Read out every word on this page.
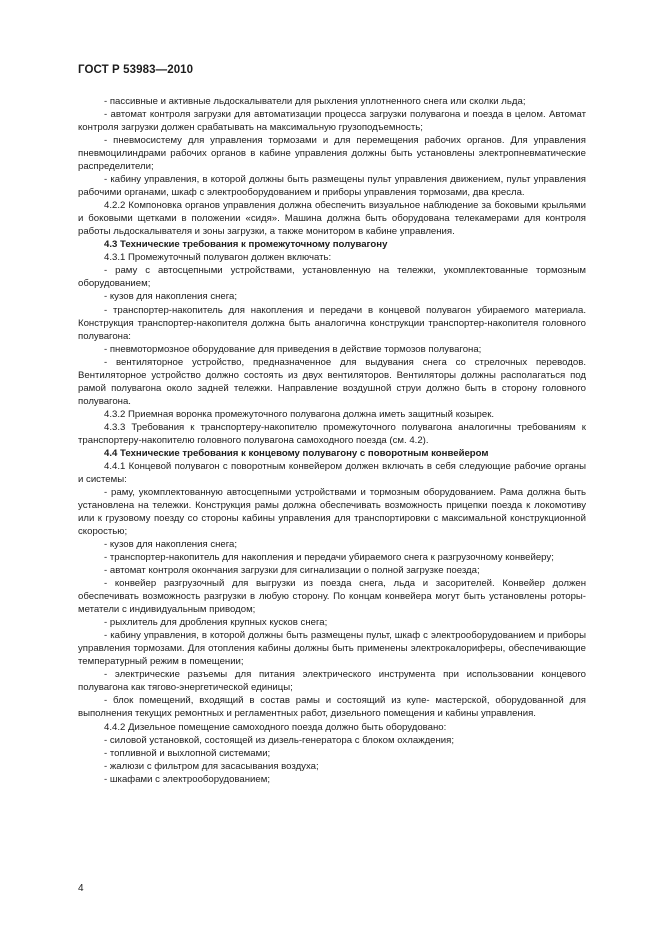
ГОСТ Р 53983—2010

- пассивные и активные льдоскалыватели для рыхления уплотненного снега или сколки льда;

- автомат контроля загрузки для автоматизации процесса загрузки полувагона и поезда в целом. Автомат контроля загрузки должен срабатывать на максимальную грузоподъемность;

- пневмосистему для управления тормозами и для перемещения рабочих органов. Для управления пневмоцилиндрами рабочих органов в кабине управления должны быть установлены электропневматические распределители;

- кабину управления, в которой должны быть размещены пульт управления движением, пульт управления рабочими органами, шкаф с электрооборудованием и приборы управления тормозами, два кресла.

4.2.2 Компоновка органов управления должна обеспечить визуальное наблюдение за боковыми крыльями и боковыми щетками в положении «сидя». Машина должна быть оборудована телекамерами для контроля работы льдоскалывателя и зоны загрузки, а также монитором в кабине управления.

4.3 Технические требования к промежуточному полувагону

4.3.1 Промежуточный полувагон должен включать:

- раму с автосцепными устройствами, установленную на тележки, укомплектованные тормозным оборудованием;

- кузов для накопления снега;

- транспортер-накопитель для накопления и передачи в концевой полувагон убираемого материала. Конструкция транспортер-накопителя должна быть аналогична конструкции транспортер-накопителя головного полувагона:

- пневмотормозное оборудование для приведения в действие тормозов полувагона;

- вентиляторное устройство, предназначенное для выдувания снега со стрелочных переводов. Вентиляторное устройство должно состоять из двух вентиляторов. Вентиляторы должны располагаться под рамой полувагона около задней тележки. Направление воздушной струи должно быть в сторону головного полувагона.

4.3.2 Приемная воронка промежуточного полувагона должна иметь защитный козырек.

4.3.3 Требования к транспортеру-накопителю промежуточного полувагона аналогичны требованиям к транспортеру-накопителю головного полувагона самоходного поезда (см. 4.2).

4.4 Технические требования к концевому полувагону с поворотным конвейером

4.4.1 Концевой полувагон с поворотным конвейером должен включать в себя следующие рабочие органы и системы:

- раму, укомплектованную автосцепными устройствами и тормозным оборудованием. Рама должна быть установлена на тележки. Конструкция рамы должна обеспечивать возможность прицепки поезда к локомотиву или к грузовому поезду со стороны кабины управления для транспортировки с максимальной конструкционной скоростью;

- кузов для накопления снега;

- транспортер-накопитель для накопления и передачи убираемого снега к разгрузочному конвейеру;

- автомат контроля окончания загрузки для сигнализации о полной загрузке поезда;

- конвейер разгрузочный для выгрузки из поезда снега, льда и засорителей. Конвейер должен обеспечивать возможность разгрузки в любую сторону. По концам конвейера могут быть установлены роторы-метатели с индивидуальным приводом;

- рыхлитель для дробления крупных кусков снега;

- кабину управления, в которой должны быть размещены пульт, шкаф с электрооборудованием и приборы управления тормозами. Для отопления кабины должны быть применены электрокалориферы, обеспечивающие температурный режим в помещении;

- электрические разъемы для питания электрического инструмента при использовании концевого полувагона как тягово-энергетической единицы;

- блок помещений, входящий в состав рамы и состоящий из купе- мастерской, оборудованной для выполнения текущих ремонтных и регламентных работ, дизельного помещения и кабины управления.

4.4.2 Дизельное помещение самоходного поезда должно быть оборудовано:

- силовой установкой, состоящей из дизель-генератора с блоком охлаждения;

- топливной и выхлопной системами;

- жалюзи с фильтром для засасывания воздуха;

- шкафами с электрооборудованием;

4
